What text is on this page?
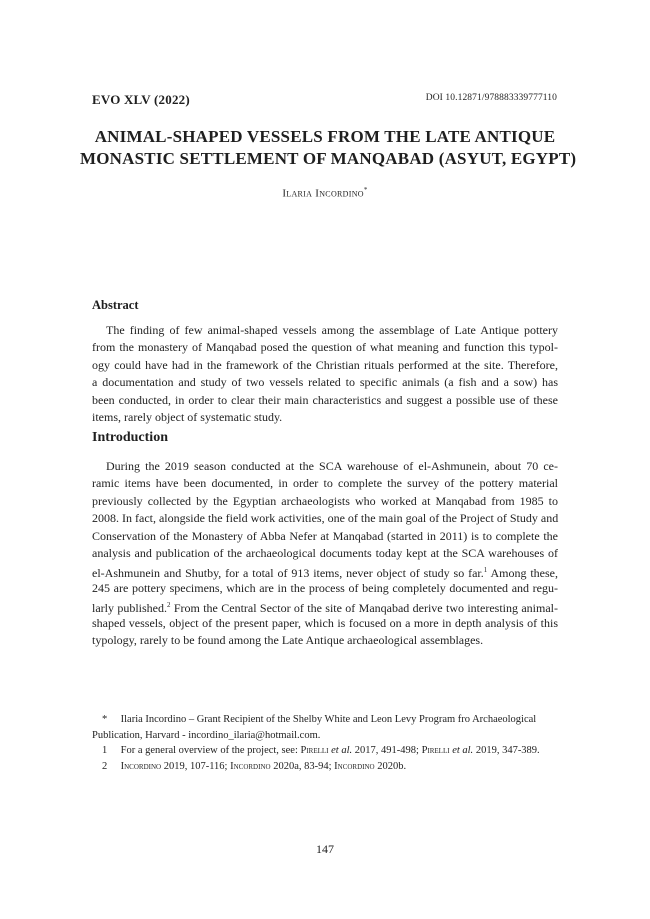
EVO XLV (2022)	DOI 10.12871/978883339777110
ANIMAL-SHAPED VESSELS FROM THE LATE ANTIQUE
MONASTIC SETTLEMENT OF MANQABAD (ASYUT, EGYPT)
Ilaria Incordino*
Abstract
The finding of few animal-shaped vessels among the assemblage of Late Antique pottery
from the monastery of Manqabad posed the question of what meaning and function this typol-
ogy could have had in the framework of the Christian rituals performed at the site. Therefore,
a documentation and study of two vessels related to specific animals (a fish and a sow) has
been conducted, in order to clear their main characteristics and suggest a possible use of these
items, rarely object of systematic study.
Introduction
During the 2019 season conducted at the SCA warehouse of el-Ashmunein, about 70 ce-
ramic items have been documented, in order to complete the survey of the pottery material
previously collected by the Egyptian archaeologists who worked at Manqabad from 1985 to
2008. In fact, alongside the field work activities, one of the main goal of the Project of Study and
Conservation of the Monastery of Abba Nefer at Manqabad (started in 2011) is to complete the
analysis and publication of the archaeological documents today kept at the SCA warehouses of
el-Ashmunein and Shutby, for a total of 913 items, never object of study so far.$^1$ Among these,
245 are pottery specimens, which are in the process of being completely documented and regu-
larly published.$^2$ From the Central Sector of the site of Manqabad derive two interesting animal-
shaped vessels, object of the present paper, which is focused on a more in depth analysis of this
typology, rarely to be found among the Late Antique archaeological assemblages.
* Ilaria Incordino – Grant Recipient of the Shelby White and Leon Levy Program fro Archaeological
Publication, Harvard - incordino_ilaria@hotmail.com.
1 For a general overview of the project, see: Pirelli et al. 2017, 491-498; Pirelli et al. 2019, 347-389.
2 Incordino 2019, 107-116; Incordino 2020a, 83-94; Incordino 2020b.
147
